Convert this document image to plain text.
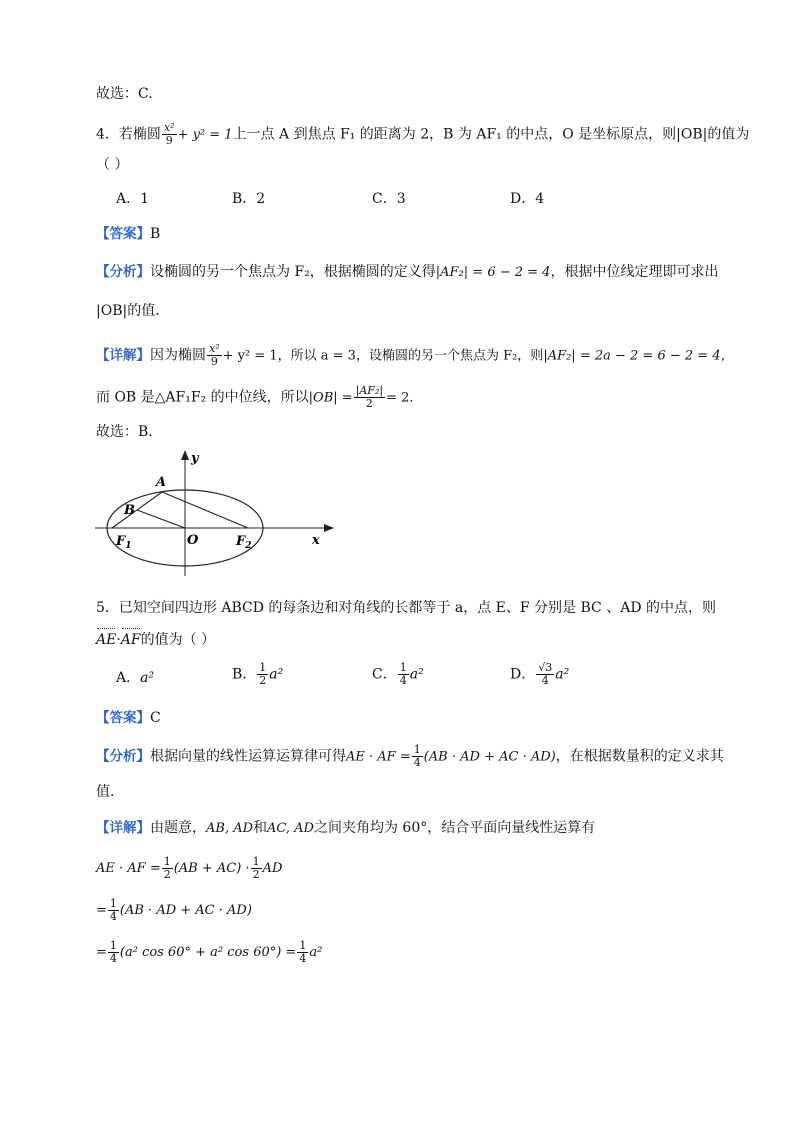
故选：C.
4．若椭圆 $\frac{\text{x²}}{9} + y^2 = 1$上一点 A 到焦点 F₁ 的距离为 2，B 为 AF₁ 的中点，O 是坐标原点，则|OB|的值为
（ ）
A．1	B．2	C．3	D．4
【答案】B
【分析】设椭圆的另一个焦点为 F₂，根据椭圆的定义得|AF₂| = 6 − 2 = 4，根据中位线定理即可求出
|OB|的值．
【详解】因为椭圆 $\frac{\text{x²}}{9} + y^2 = 1$，所以 a = 3，设椭圆的另一个焦点为 F₂，则|AF₂| = 2a − 2 = 6 − 2 = 4，
而 OB 是△AF₁F₂ 的中位线，所以$|OB| = \frac{\text{|AF₂|}}{2} = 2$．
故选：B．
A
B
O
$F_1$	$F_2$	x
y
5．已知空间四边形 ABCD 的每条边和对角线的长都等于 a，点 E、F 分别是 BC 、AD 的中点，则
AE·AF的值为（ ）
A．a²	B． $\frac{1}{2} a^2$	C． $\frac{1}{4} a^2$	D． $\frac{√3}{4} a^2$
【答案】C
【分析】根据向量的线性运算运算律可得AE · AF = $\frac{1}{4} (AB$ · AD + AC · AD)，在根据数量积的定义求其
值．
【详解】由题意，AB, AD和AC, AD之间夹角均为 60°，结合平面向量线性运算有
AE · AF = $\frac{1}{2} (AB + AC) \cdot \frac{1}{2}$ AD
= $\frac{1}{4} (AB$ · AD + AC · AD)
= $\frac{1}{4} (a^2$ cos 60° + a² $\cos 60^\circ) = \frac{1}{4} a^2$
